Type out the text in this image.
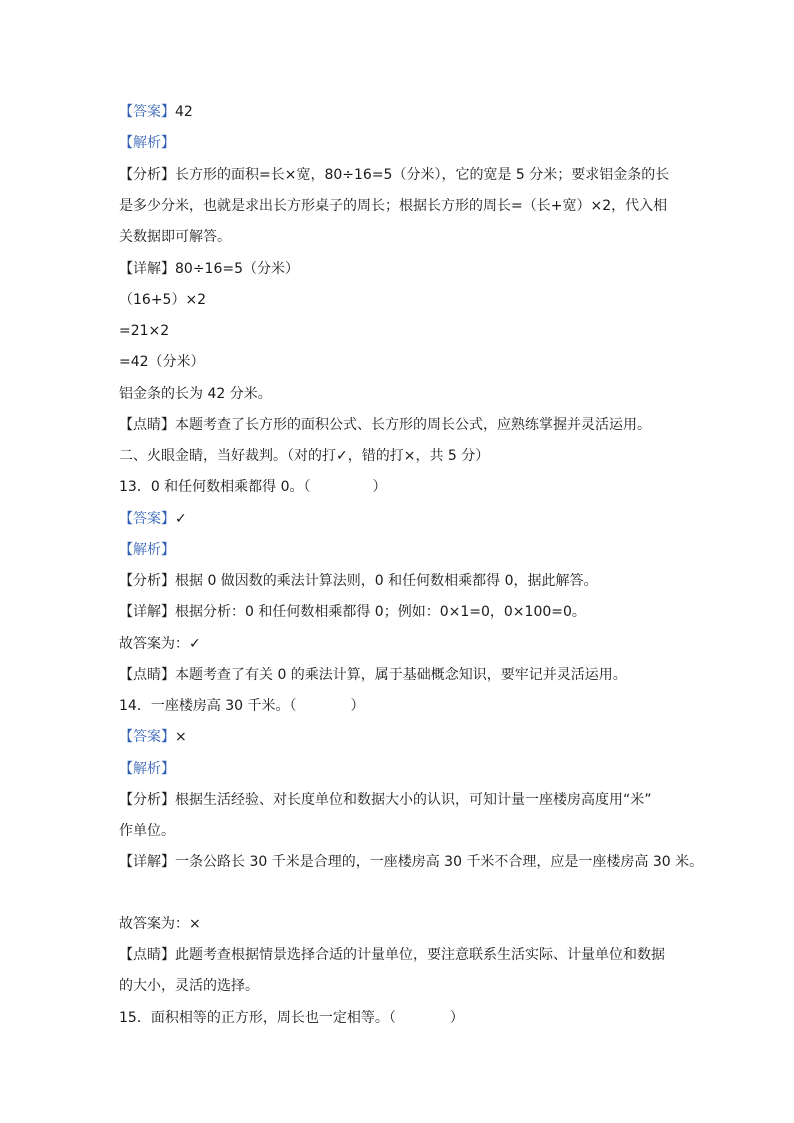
【答案】42
【解析】
【分析】长方形的面积=长×宽，80÷16=5（分米），它的宽是 5 分米；要求铝金条的长
是多少分米，也就是求出长方形桌子的周长；根据长方形的周长=（长+宽）×2，代入相
关数据即可解答。
【详解】80÷16=5（分米）
（16+5）×2
=21×2
=42（分米）
铝金条的长为 42 分米。
【点睛】本题考查了长方形的面积公式、长方形的周长公式，应熟练掌握并灵活运用。
二、火眼金睛，当好裁判。（对的打✓，错的打×，共 5 分）
13．0 和任何数相乘都得 0。（	）
【答案】✓
【解析】
【分析】根据 0 做因数的乘法计算法则，0 和任何数相乘都得 0，据此解答。
【详解】根据分析：0 和任何数相乘都得 0；例如：0×1=0，0×100=0。
故答案为：✓
【点睛】本题考查了有关 0 的乘法计算，属于基础概念知识，要牢记并灵活运用。
14．一座楼房高 30 千米。（	）
【答案】×
【解析】
【分析】根据生活经验、对长度单位和数据大小的认识，可知计量一座楼房高度用“米”
作单位。
【详解】一条公路长 30 千米是合理的，一座楼房高 30 千米不合理，应是一座楼房高 30 米。
故答案为：×
【点睛】此题考查根据情景选择合适的计量单位，要注意联系生活实际、计量单位和数据
的大小，灵活的选择。
15．面积相等的正方形，周长也一定相等。（	）
